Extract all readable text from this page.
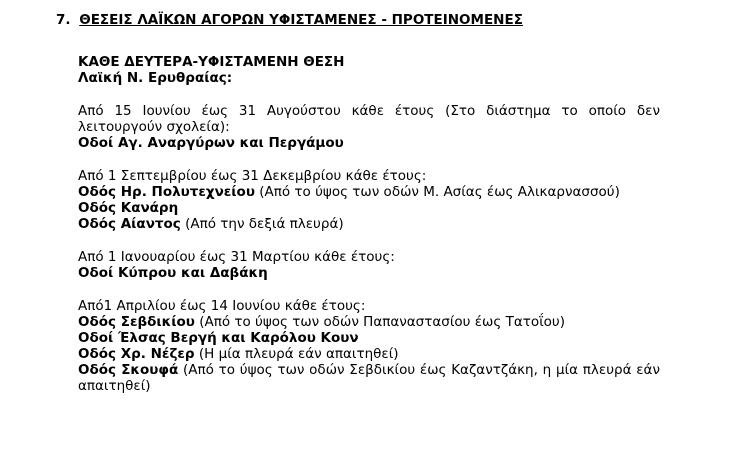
7. ΘΕΣΕΙΣ ΛΑΪΚΩΝ ΑΓΟΡΩΝ ΥΦΙΣΤΑΜΕΝΕΣ - ΠΡΟΤΕΙΝΟΜΕΝΕΣ

ΚΑΘΕ ΔΕΥΤΕΡΑ-ΥΦΙΣΤΑΜΕΝΗ ΘΕΣΗ

Λαϊκή Ν. Ερυθραίας:

Από 15 Ιουνίου έως 31 Αυγούστου κάθε έτους (Στο διάστημα το οποίο δεν λειτουργούν σχολεία):

Οδοί Αγ. Αναργύρων και Περγάμου

Από 1 Σεπτεμβρίου έως 31 Δεκεμβρίου κάθε έτους:

Οδός Ηρ. Πολυτεχνείου (Από το ύψος των οδών Μ. Ασίας έως Αλικαρνασσού)

Οδός Κανάρη

Οδός Αίαντος (Από την δεξιά πλευρά)

Από 1 Ιανουαρίου έως 31 Μαρτίου κάθε έτους:

Οδοί Κύπρου και Δαβάκη

Από1 Απριλίου έως 14 Ιουνίου κάθε έτους:

Οδός Σεβδικίου (Από το ύψος των οδών Παπαναστασίου έως Τατοΐου)

Οδοί Έλσας Βεργή και Καρόλου Κουν

Οδός Χρ. Νέζερ (Η μία πλευρά εάν απαιτηθεί)

Οδός Σκουφά (Από το ύψος των οδών Σεβδικίου έως Καζαντζάκη, η μία πλευρά εάν απαιτηθεί)
